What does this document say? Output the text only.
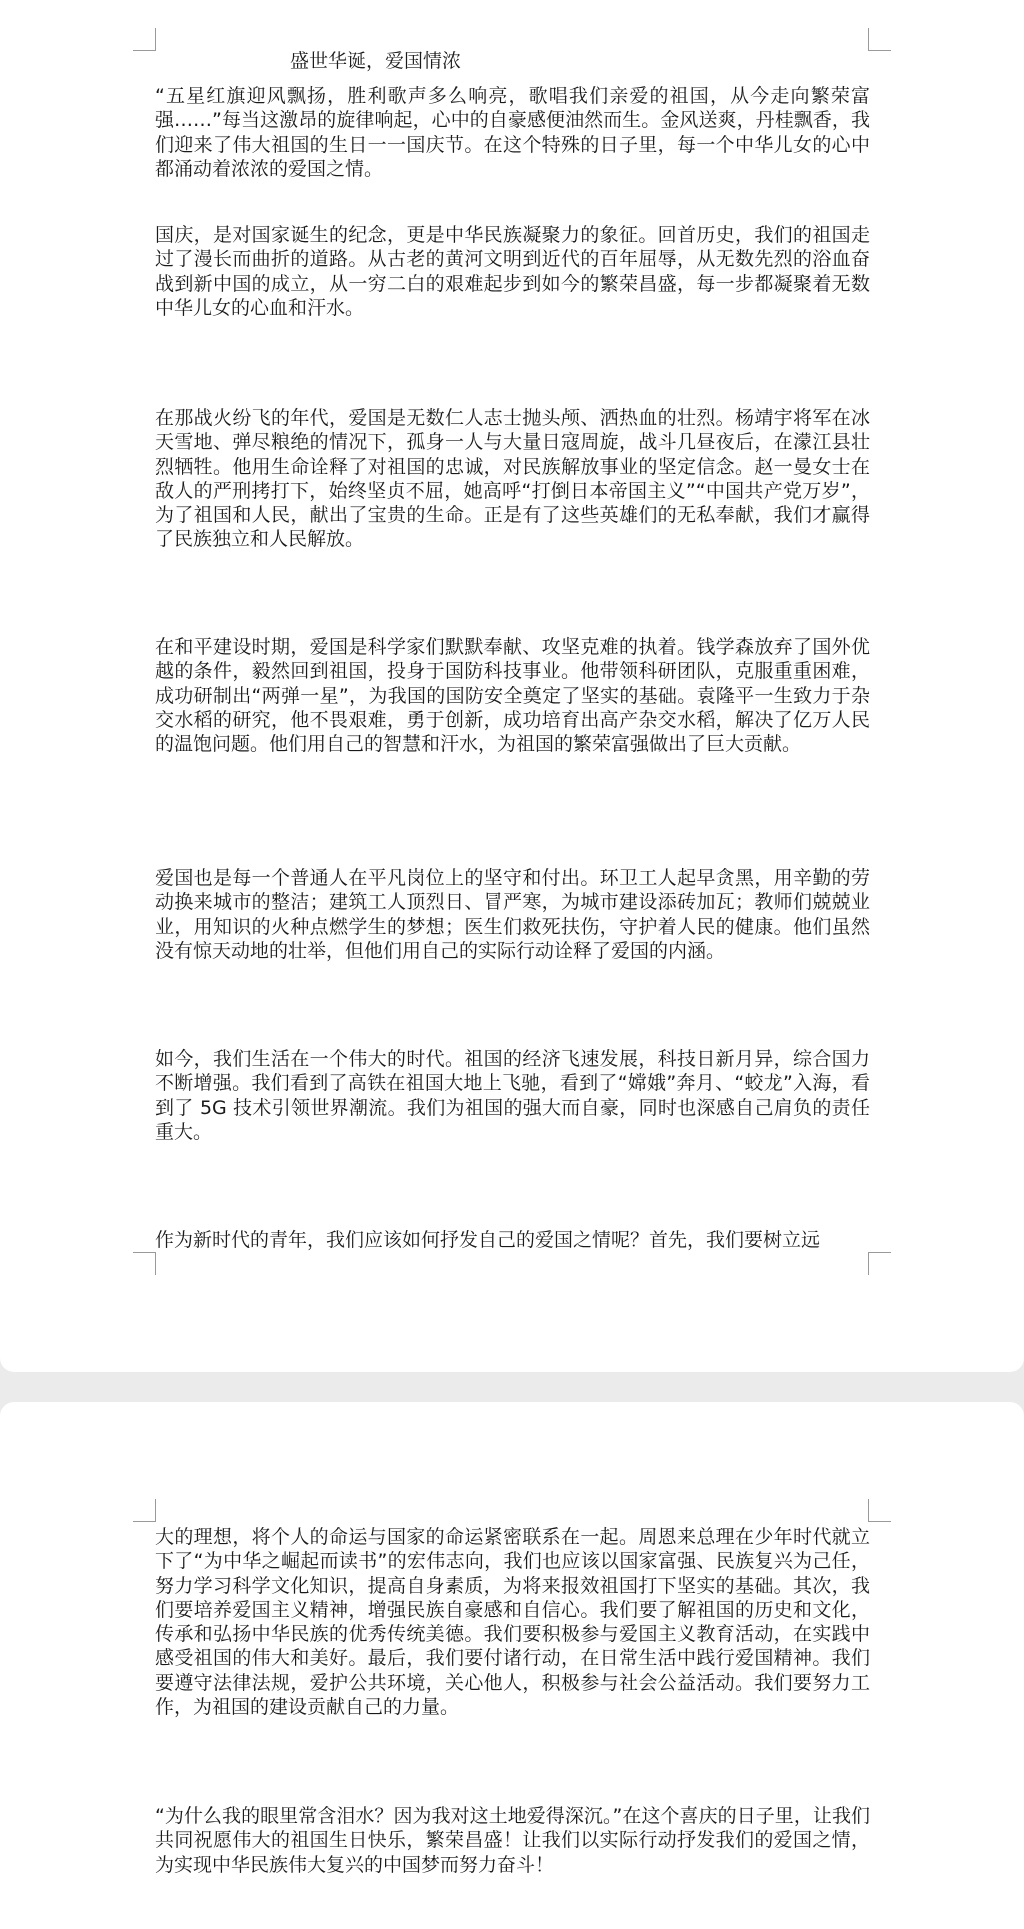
盛世华诞，爱国情浓

“五星红旗迎风飘扬，胜利歌声多么响亮，歌唱我们亲爱的祖国，从今走向繁荣富强……”每当这激昂的旋律响起，心中的自豪感便油然而生。金风送爽，丹桂飘香，我们迎来了伟大祖国的生日一一国庆节。在这个特殊的日子里，每一个中华儿女的心中都涌动着浓浓的爱国之情。

国庆，是对国家诞生的纪念，更是中华民族凝聚力的象征。回首历史，我们的祖国走过了漫长而曲折的道路。从古老的黄河文明到近代的百年屈辱，从无数先烈的浴血奋战到新中国的成立，从一穷二白的艰难起步到如今的繁荣昌盛，每一步都凝聚着无数中华儿女的心血和汗水。

在那战火纷飞的年代，爱国是无数仁人志士抛头颅、洒热血的壮烈。杨靖宇将军在冰天雪地、弹尽粮绝的情况下，孤身一人与大量日寇周旋，战斗几昼夜后，在濛江县壮烈牺牲。他用生命诠释了对祖国的忠诚，对民族解放事业的坚定信念。赵一曼女士在敌人的严刑拷打下，始终坚贞不屈，她高呼“打倒日本帝国主义”“中国共产党万岁”，为了祖国和人民，献出了宝贵的生命。正是有了这些英雄们的无私奉献，我们才赢得了民族独立和人民解放。

在和平建设时期，爱国是科学家们默默奉献、攻坚克难的执着。钱学森放弃了国外优越的条件，毅然回到祖国，投身于国防科技事业。他带领科研团队，克服重重困难，成功研制出“两弹一星”，为我国的国防安全奠定了坚实的基础。袁隆平一生致力于杂交水稻的研究，他不畏艰难，勇于创新，成功培育出高产杂交水稻，解决了亿万人民的温饱问题。他们用自己的智慧和汗水，为祖国的繁荣富强做出了巨大贡献。

爱国也是每一个普通人在平凡岗位上的坚守和付出。环卫工人起早贪黑，用辛勤的劳动换来城市的整洁；建筑工人顶烈日、冒严寒，为城市建设添砖加瓦；教师们兢兢业业，用知识的火种点燃学生的梦想；医生们救死扶伤，守护着人民的健康。他们虽然没有惊天动地的壮举，但他们用自己的实际行动诠释了爱国的内涵。

如今，我们生活在一个伟大的时代。祖国的经济飞速发展，科技日新月异，综合国力不断增强。我们看到了高铁在祖国大地上飞驰，看到了“嫦娥”奔月、“蛟龙”入海，看到了 5G 技术引领世界潮流。我们为祖国的强大而自豪，同时也深感自己肩负的责任重大。

作为新时代的青年，我们应该如何抒发自己的爱国之情呢？首先，我们要树立远

大的理想，将个人的命运与国家的命运紧密联系在一起。周恩来总理在少年时代就立下了“为中华之崛起而读书”的宏伟志向，我们也应该以国家富强、民族复兴为己任，努力学习科学文化知识，提高自身素质，为将来报效祖国打下坚实的基础。其次，我们要培养爱国主义精神，增强民族自豪感和自信心。我们要了解祖国的历史和文化，传承和弘扬中华民族的优秀传统美德。我们要积极参与爱国主义教育活动，在实践中感受祖国的伟大和美好。最后，我们要付诸行动，在日常生活中践行爱国精神。我们要遵守法律法规，爱护公共环境，关心他人，积极参与社会公益活动。我们要努力工作，为祖国的建设贡献自己的力量。

“为什么我的眼里常含泪水？因为我对这土地爱得深沉。”在这个喜庆的日子里，让我们共同祝愿伟大的祖国生日快乐，繁荣昌盛！让我们以实际行动抒发我们的爱国之情，为实现中华民族伟大复兴的中国梦而努力奋斗！
